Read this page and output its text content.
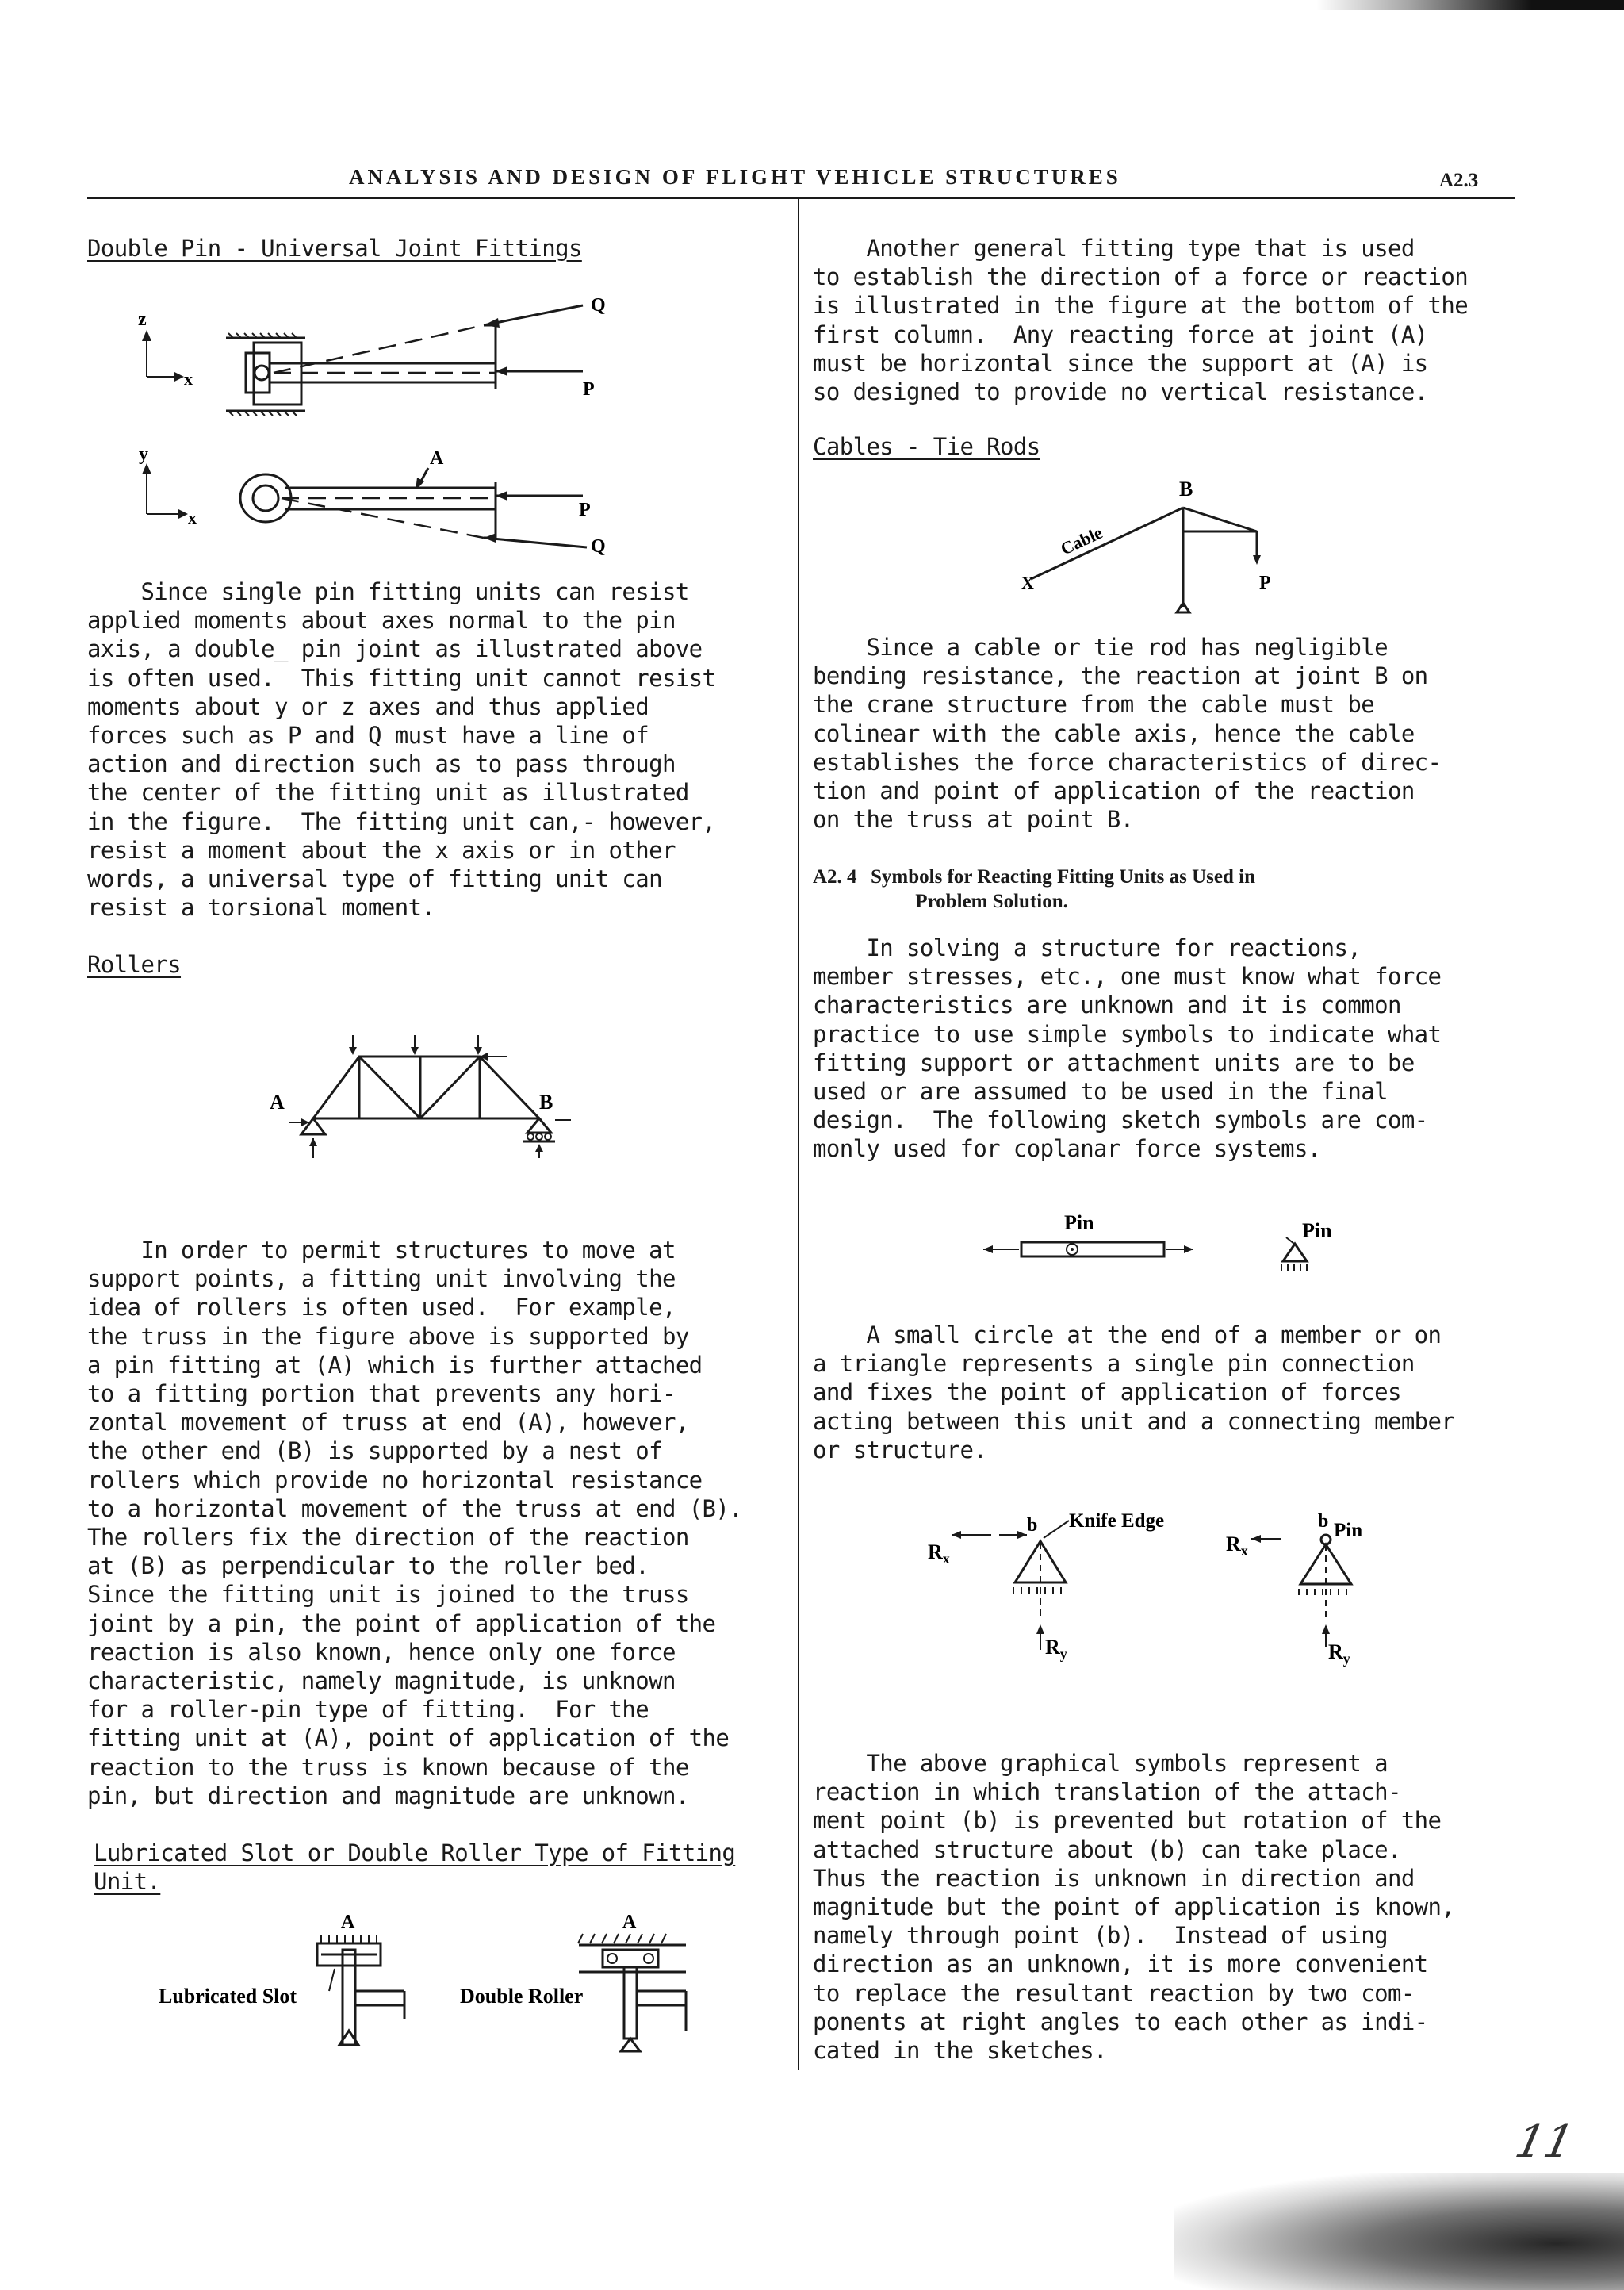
ANALYSIS AND DESIGN OF FLIGHT VEHICLE STRUCTURES	A2.3
Double Pin - Universal Joint Fittings
z
x
Q
P
y
x
A
P
Q
Since single pin fitting units can resist
applied moments about axes normal to the pin
axis, a double_ pin joint as illustrated above
is often used.  This fitting unit cannot resist
moments about y or z axes and thus applied
forces such as P and Q must have a line of
action and direction such as to pass through
the center of the fitting unit as illustrated
in the figure.  The fitting unit can,- however,
resist a moment about the x axis or in other
words, a universal type of fitting unit can
resist a torsional moment.
Rollers
A	B
In order to permit structures to move at
support points, a fitting unit involving the
idea of rollers is often used.  For example,
the truss in the figure above is supported by
a pin fitting at (A) which is further attached
to a fitting portion that prevents any hori-
zontal movement of truss at end (A), however,
the other end (B) is supported by a nest of
rollers which provide no horizontal resistance
to a horizontal movement of the truss at end (B).
The rollers fix the direction of the reaction
at (B) as perpendicular to the roller bed.
Since the fitting unit is joined to the truss
joint by a pin, the point of application of the
reaction is also known, hence only one force
characteristic, namely magnitude, is unknown
for a roller-pin type of fitting.  For the
fitting unit at (A), point of application of the
reaction to the truss is known because of the
pin, but direction and magnitude are unknown.
Lubricated Slot or Double Roller Type of Fitting
Unit.
Lubricated Slot
A
Double Roller
A
Another general fitting type that is used
to establish the direction of a force or reaction
is illustrated in the figure at the bottom of the
first column.  Any reacting force at joint (A)
must be horizontal since the support at (A) is
so designed to provide no vertical resistance.
Cables - Tie Rods
B
Cable
P
X
Since a cable or tie rod has negligible
bending resistance, the reaction at joint B on
the crane structure from the cable must be
colinear with the cable axis, hence the cable
establishes the force characteristics of direc-
tion and point of application of the reaction
on the truss at point B.
A2. 4 Symbols for Reacting Fitting Units as Used in
Problem Solution.
In solving a structure for reactions,
member stresses, etc., one must know what force
characteristics are unknown and it is common
practice to use simple symbols to indicate what
fitting support or attachment units are to be
used or are assumed to be used in the final
design.  The following sketch symbols are com-
monly used for coplanar force systems.
Pin	Pin
A small circle at the end of a member or on
a triangle represents a single pin connection
and fixes the point of application of forces
acting between this unit and a connecting member
or structure.
$R_x$
b Knife Edge
$R_y$
$R_x$
b Pin
$R_y$
The above graphical symbols represent a
reaction in which translation of the attach-
ment point (b) is prevented but rotation of the
attached structure about (b) can take place.
Thus the reaction is unknown in direction and
magnitude but the point of application is known,
namely through point (b).  Instead of using
direction as an unknown, it is more convenient
to replace the resultant reaction by two com-
ponents at right angles to each other as indi-
cated in the sketches.
11
